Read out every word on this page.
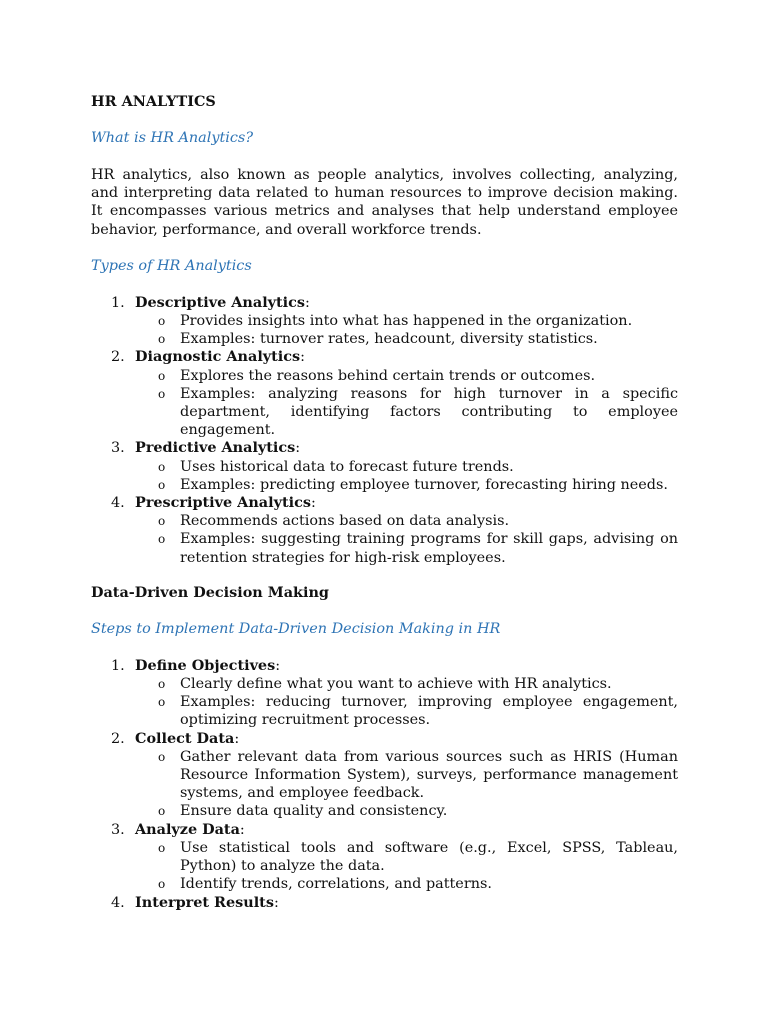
HR ANALYTICS
What is HR Analytics?

HR analytics, also known as people analytics, involves collecting, analyzing, and interpreting data related to human resources to improve decision making. It encompasses various metrics and analyses that help understand employee behavior, performance, and overall workforce trends.

Types of HR Analytics
1. Descriptive Analytics:
o Provides insights into what has happened in the organization.
o Examples: turnover rates, headcount, diversity statistics.
2. Diagnostic Analytics:
o Explores the reasons behind certain trends or outcomes.
o Examples: analyzing reasons for high turnover in a specific department, identifying factors contributing to employee engagement.
3. Predictive Analytics:
o Uses historical data to forecast future trends.
o Examples: predicting employee turnover, forecasting hiring needs.
4. Prescriptive Analytics:
o Recommends actions based on data analysis.
o Examples: suggesting training programs for skill gaps, advising on retention strategies for high-risk employees.
Data-Driven Decision Making
Steps to Implement Data-Driven Decision Making in HR
1. Define Objectives:
o Clearly define what you want to achieve with HR analytics.
o Examples: reducing turnover, improving employee engagement, optimizing recruitment processes.
2. Collect Data:
o Gather relevant data from various sources such as HRIS (Human Resource Information System), surveys, performance management systems, and employee feedback.
o Ensure data quality and consistency.
3. Analyze Data:
o Use statistical tools and software (e.g., Excel, SPSS, Tableau, Python) to analyze the data.
o Identify trends, correlations, and patterns.
4. Interpret Results:
